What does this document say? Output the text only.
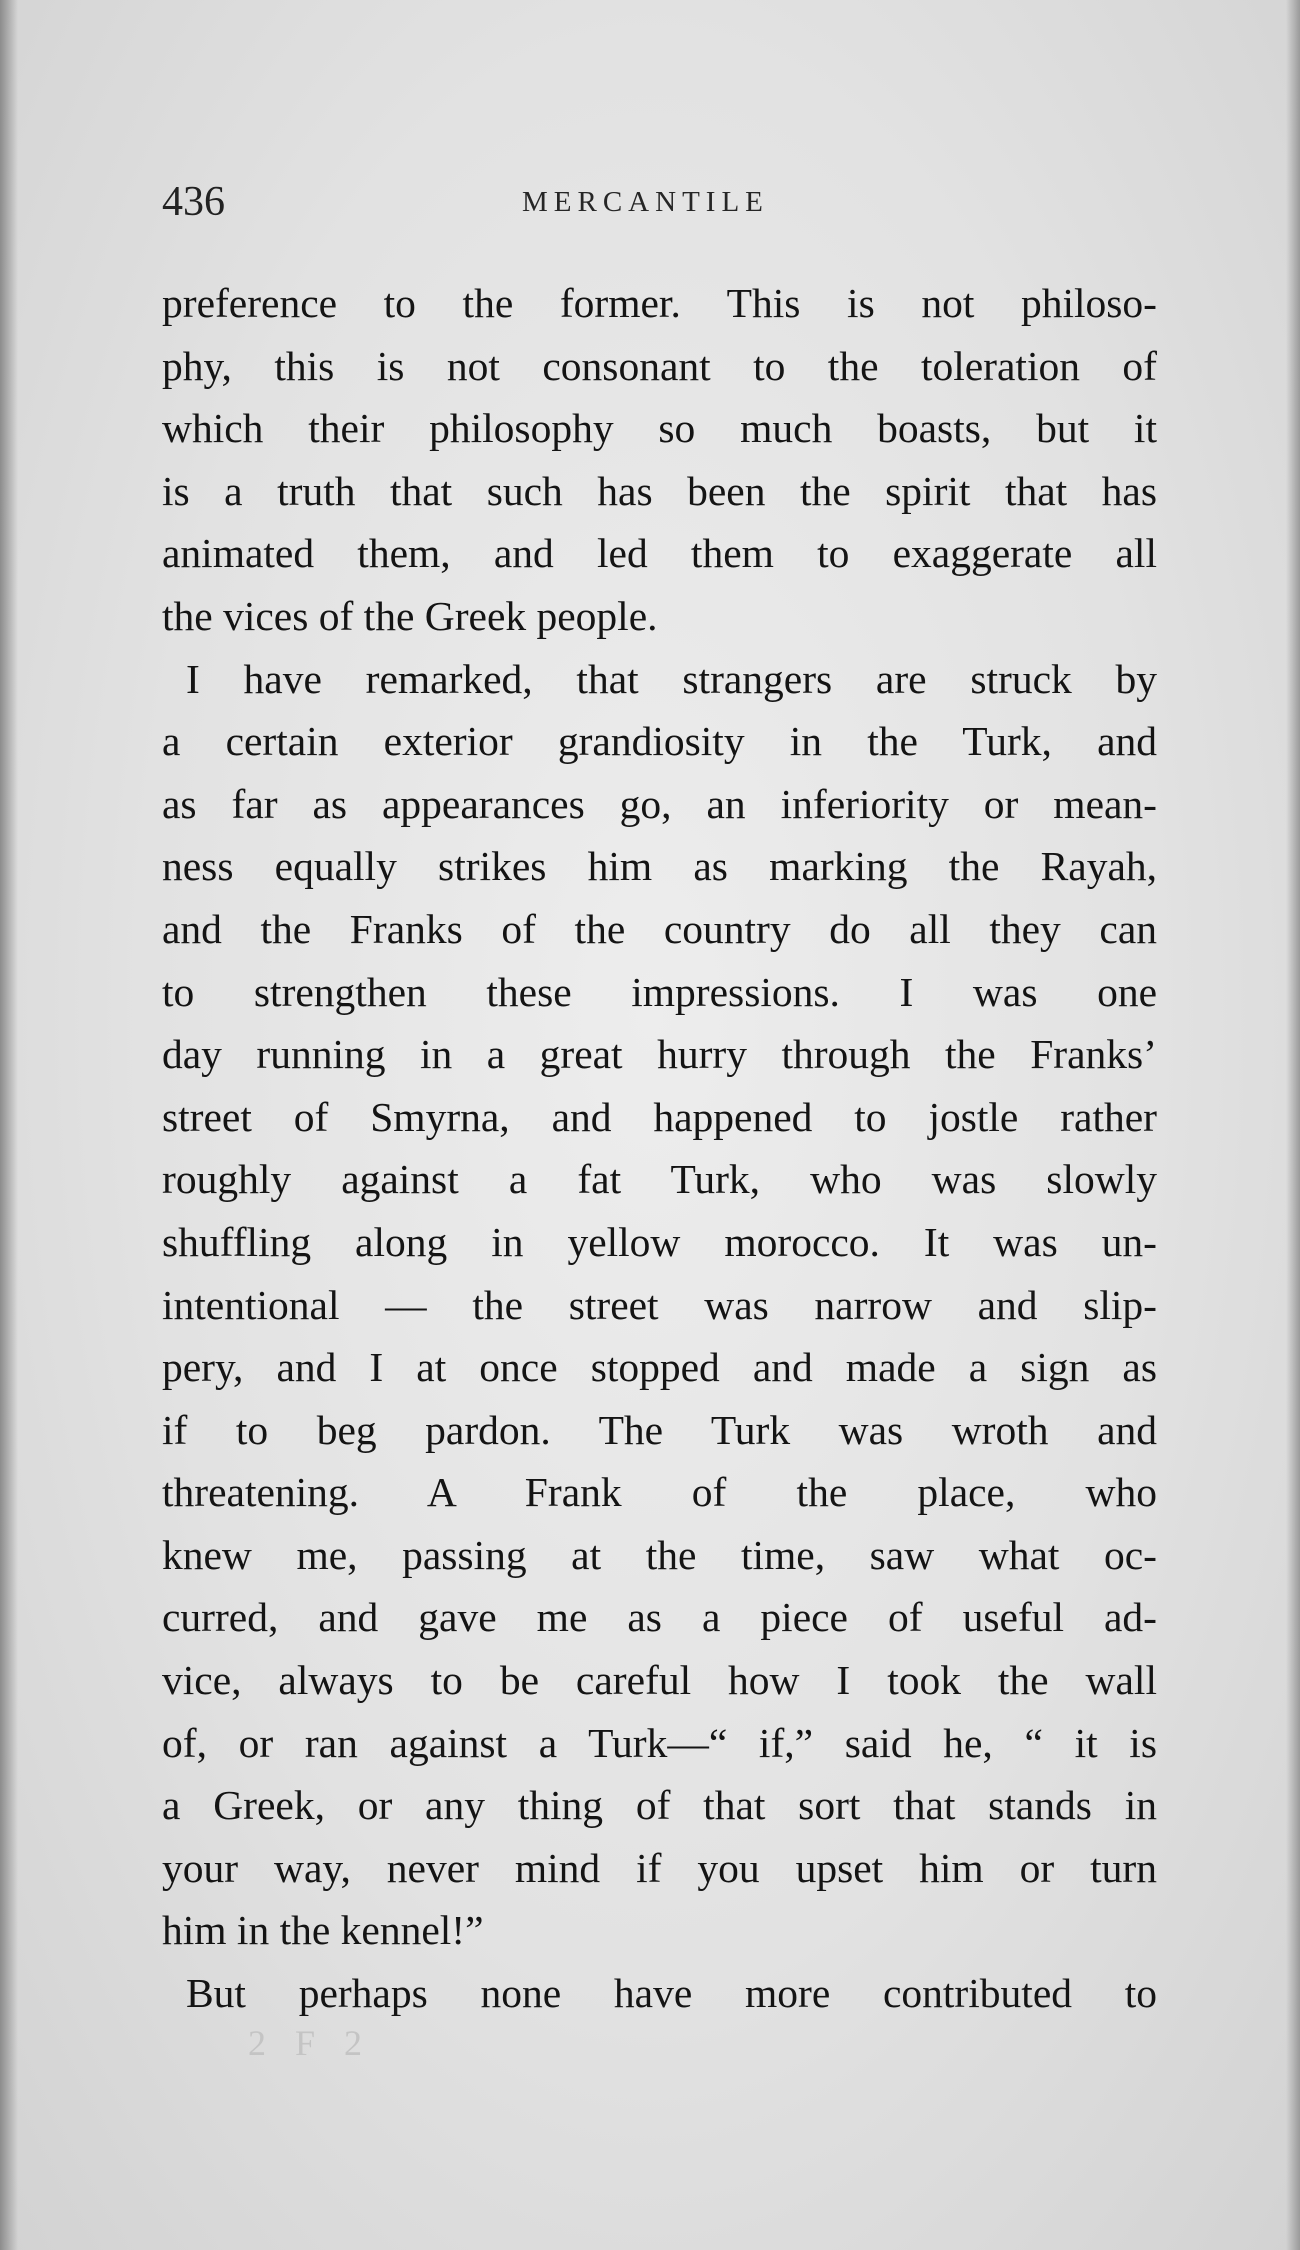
436	MERCANTILE
preference to the former. This is not philoso-
phy, this is not consonant to the toleration of
which their philosophy so much boasts, but it
is a truth that such has been the spirit that has
animated them, and led them to exaggerate all
the vices of the Greek people.
I have remarked, that strangers are struck by
a certain exterior grandiosity in the Turk, and
as far as appearances go, an inferiority or mean-
ness equally strikes him as marking the Rayah,
and the Franks of the country do all they can
to strengthen these impressions. I was one
day running in a great hurry through the Franks’
street of Smyrna, and happened to jostle rather
roughly against a fat Turk, who was slowly
shuffling along in yellow morocco. It was un-
intentional — the street was narrow and slip-
pery, and I at once stopped and made a sign as
if to beg pardon. The Turk was wroth and
threatening. A Frank of the place, who
knew me, passing at the time, saw what oc-
curred, and gave me as a piece of useful ad-
vice, always to be careful how I took the wall
of, or ran against a Turk—“ if,” said he, “ it is
a Greek, or any thing of that sort that stands in
your way, never mind if you upset him or turn
him in the kennel!”
But perhaps none have more contributed to
2 F 2
